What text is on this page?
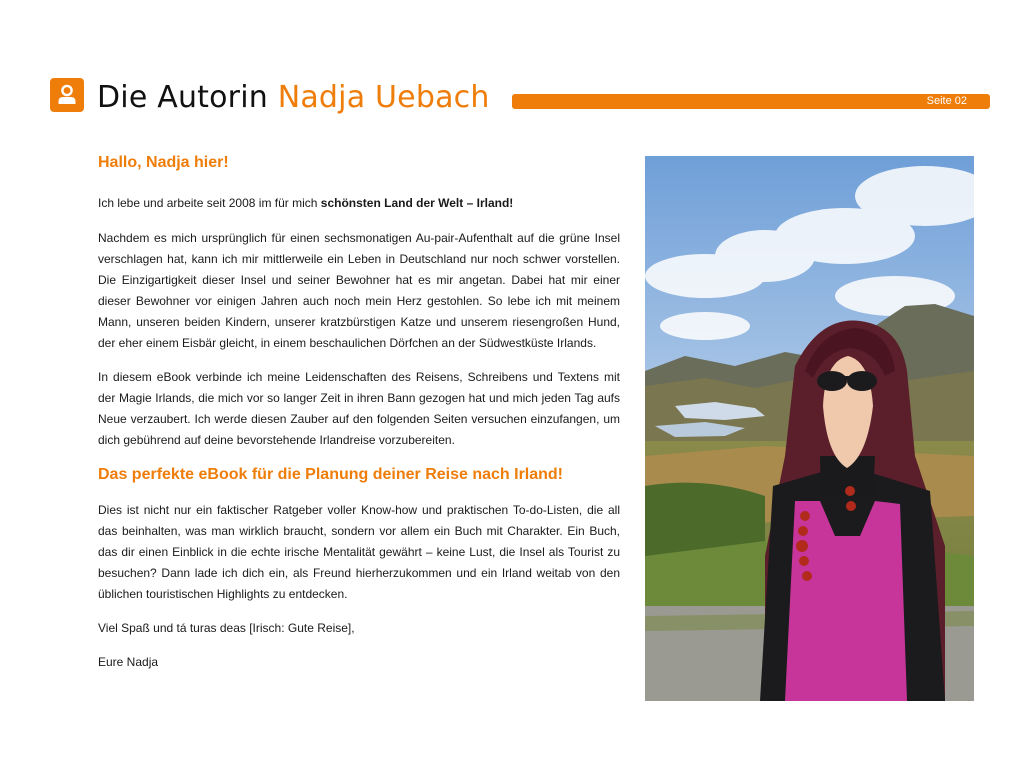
Die Autorin Nadja Uebach	Seite 02
Hallo, Nadja hier!

Ich lebe und arbeite seit 2008 im für mich schönsten Land der Welt – Irland!

Nachdem es mich ursprünglich für einen sechsmonatigen Au-pair-Aufenthalt auf die grüne Insel verschlagen hat, kann ich mir mittlerweile ein Leben in Deutschland nur noch schwer vorstellen. Die Einzigartigkeit dieser Insel und seiner Bewohner hat es mir angetan. Dabei hat mir einer dieser Bewohner vor einigen Jahren auch noch mein Herz gestohlen. So lebe ich mit meinem Mann, unseren beiden Kindern, unserer kratzbürstigen Katze und unserem riesengroßen Hund, der eher einem Eisbär gleicht, in einem beschaulichen Dörfchen an der Südwestküste Irlands.

In diesem eBook verbinde ich meine Leidenschaften des Reisens, Schreibens und Textens mit der Magie Irlands, die mich vor so langer Zeit in ihren Bann gezogen hat und mich jeden Tag aufs Neue verzaubert. Ich werde diesen Zauber auf den folgenden Seiten versuchen einzufangen, um dich gebührend auf deine bevorstehende Irlandreise vorzubereiten.

Das perfekte eBook für die Planung deiner Reise nach Irland!

Dies ist nicht nur ein faktischer Ratgeber voller Know-how und praktischen To-do-Listen, die all das beinhalten, was man wirklich braucht, sondern vor allem ein Buch mit Charakter. Ein Buch, das dir einen Einblick in die echte irische Mentalität gewährt – keine Lust, die Insel als Tourist zu besuchen? Dann lade ich dich ein, als Freund hierherzukommen und ein Irland weitab von den üblichen touristischen Highlights zu entdecken.

Viel Spaß und tá turas deas [Irisch: Gute Reise],

Eure Nadja
